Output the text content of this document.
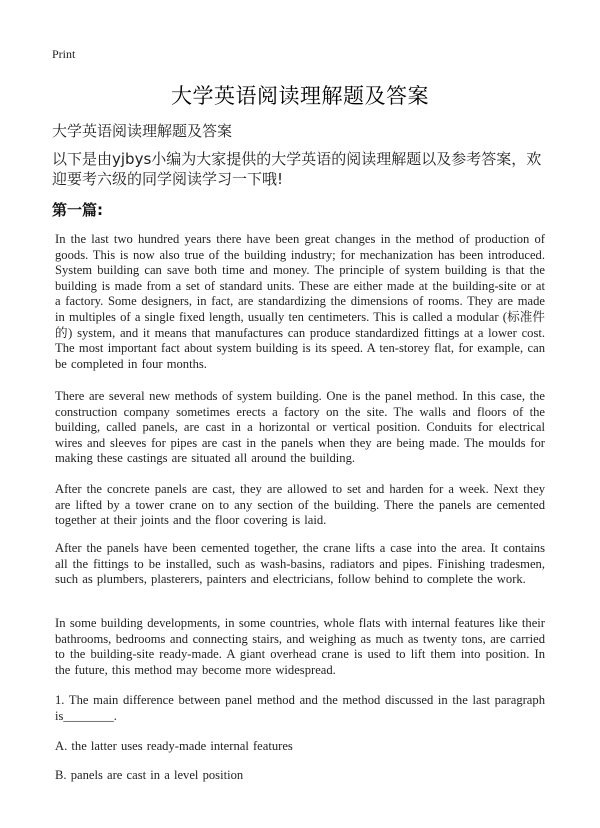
Print
大学英语阅读理解题及答案
大学英语阅读理解题及答案
以下是由yjbys小编为大家提供的大学英语的阅读理解题以及参考答案，欢迎要考六级的同学阅读学习一下哦!
第一篇:
In the last two hundred years there have been great changes in the method of production of goods. This is now also true of the building industry; for mechanization has been introduced. System building can save both time and money. The principle of system building is that the building is made from a set of standard units. These are either made at the building-site or at a factory. Some designers, in fact, are standardizing the dimensions of rooms. They are made in multiples of a single fixed length, usually ten centimeters. This is called a modular (标准件的) system, and it means that manufactures can produce standardized fittings at a lower cost. The most important fact about system building is its speed. A ten-storey flat, for example, can be completed in four months.
There are several new methods of system building. One is the panel method. In this case, the construction company sometimes erects a factory on the site. The walls and floors of the building, called panels, are cast in a horizontal or vertical position. Conduits for electrical wires and sleeves for pipes are cast in the panels when they are being made. The moulds for making these castings are situated all around the building.
After the concrete panels are cast, they are allowed to set and harden for a week. Next they are lifted by a tower crane on to any section of the building. There the panels are cemented together at their joints and the floor covering is laid.
After the panels have been cemented together, the crane lifts a case into the area. It contains all the fittings to be installed, such as wash-basins, radiators and pipes. Finishing tradesmen, such as plumbers, plasterers, painters and electricians, follow behind to complete the work.
In some building developments, in some countries, whole flats with internal features like their bathrooms, bedrooms and connecting stairs, and weighing as much as twenty tons, are carried to the building-site ready-made. A giant overhead crane is used to lift them into position. In the future, this method may become more widespread.
1. The main difference between panel method and the method discussed in the last paragraph is________.
A. the latter uses ready-made internal features
B. panels are cast in a level position
